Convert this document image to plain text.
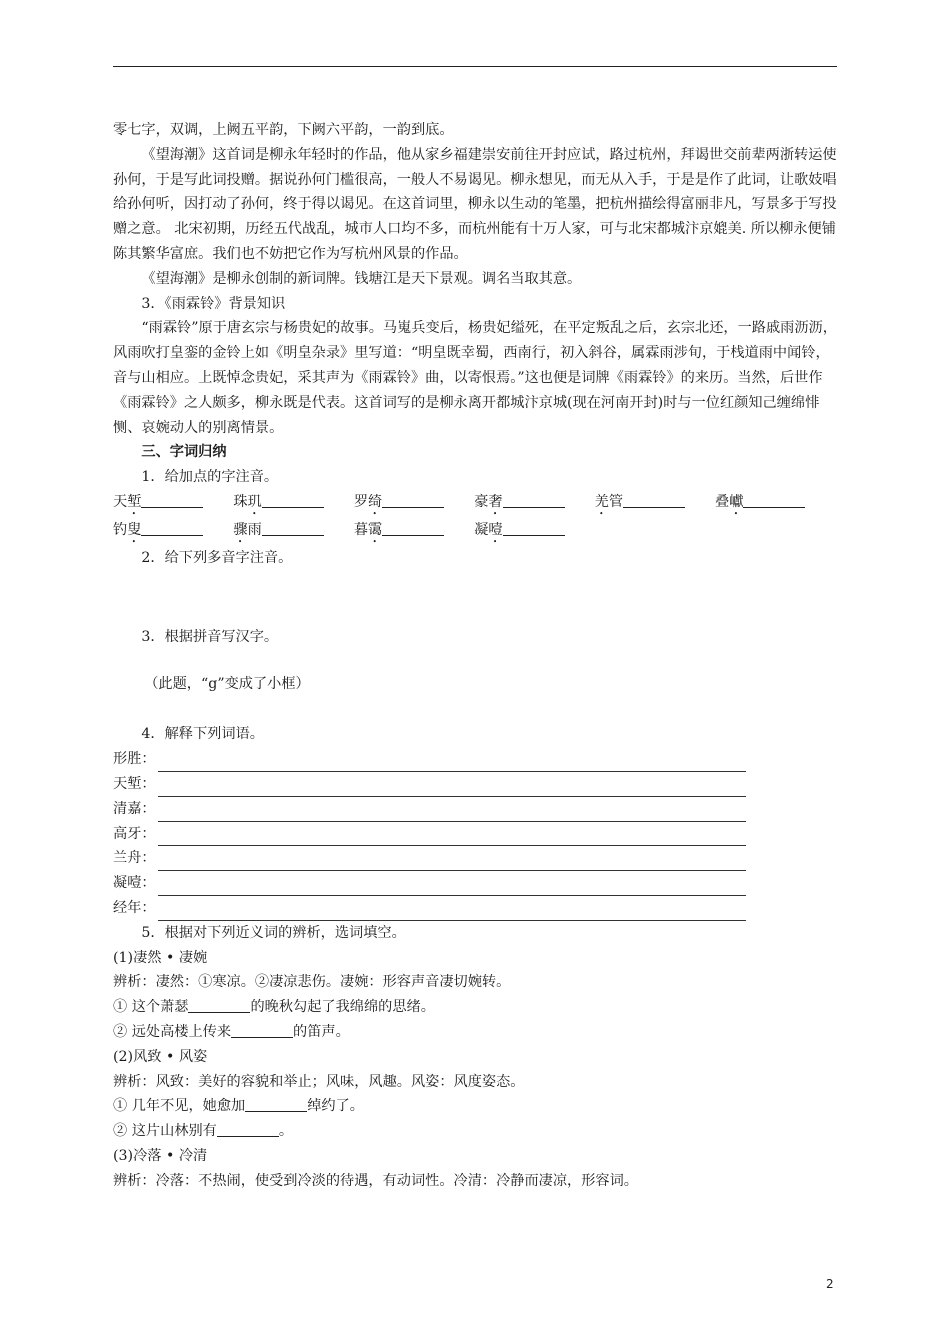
零七字，双调，上阙五平韵，下阙六平韵，一韵到底。

《望海潮》这首词是柳永年轻时的作品，他从家乡福建崇安前往开封应试，路过杭州，拜谒世交前辈两浙转运使孙何，于是写此词投赠。据说孙何门槛很高，一般人不易谒见。柳永想见，而无从入手，于是是作了此词，让歌妓唱给孙何听，因打动了孙何，终于得以谒见。在这首词里，柳永以生动的笔墨，把杭州描绘得富丽非凡，写景多于写投赠之意。 北宋初期，历经五代战乱，城市人口均不多，而杭州能有十万人家，可与北宋都城汴京媲美. 所以柳永便铺陈其繁华富庶。我们也不妨把它作为写杭州风景的作品。

《望海潮》是柳永创制的新词牌。钱塘江是天下景观。调名当取其意。

3．《雨霖铃》背景知识

“雨霖铃”原于唐玄宗与杨贵妃的故事。马嵬兵变后，杨贵妃缢死，在平定叛乱之后，玄宗北还，一路戚雨沥沥，风雨吹打皇銮的金铃上如《明皇杂录》里写道：“明皇既幸蜀，西南行，初入斜谷，属霖雨涉旬，于栈道雨中闻铃，音与山相应。上既悼念贵妃，采其声为《雨霖铃》曲，以寄恨焉。”这也便是词牌《雨霖铃》的来历。当然，后世作《雨霖铃》之人颇多，柳永既是代表。这首词写的是柳永离开都城汴京城(现在河南开封)时与一位红颜知己缠绵悱恻、哀婉动人的别离情景。

三、字词归纳

1．给加点的字注音。

天堑	珠玑	罗绮	豪奢	羌管	叠巘
钓叟	骤雨	暮霭	凝噎

2．给下列多音字注音。

3．根据拼音写汉字。

（此题，“g”变成了小框）

4．解释下列词语。

形胜：
天堑：
清嘉：
高牙：
兰舟：
凝噎：
经年：

5．根据对下列近义词的辨析，选词填空。

(1)凄然 • 凄婉

辨析：凄然：①寒凉。②凄凉悲伤。凄婉：形容声音凄切婉转。

① 这个萧瑟	的晚秋勾起了我绵绵的思绪。

② 远处高楼上传来	的笛声。

(2)风致 • 风姿

辨析：风致：美好的容貌和举止；风味，风趣。风姿：风度姿态。

① 几年不见，她愈加	绰约了。

② 这片山林别有	。

(3)冷落 • 冷清

辨析：冷落：不热闹，使受到冷淡的待遇，有动词性。冷清：冷静而凄凉，形容词。

2
